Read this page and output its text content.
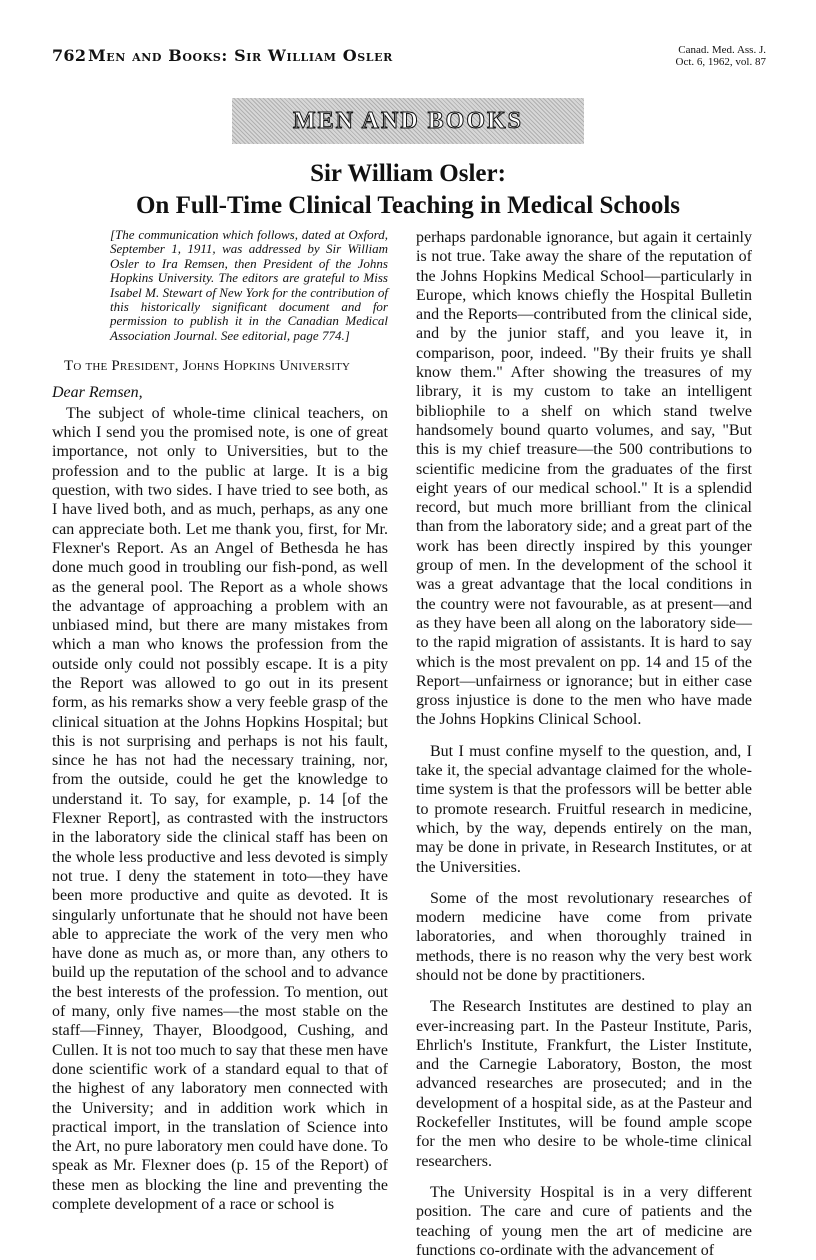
762 Men and Books: Sir William Osler	Canad. Med. Ass. J.
Oct. 6, 1962, vol. 87
MEN AND BOOKS
Sir William Osler:
On Full-Time Clinical Teaching in Medical Schools

[The communication which follows, dated at Oxford, September 1, 1911, was addressed by Sir William Osler to Ira Remsen, then President of the Johns Hopkins University. The editors are grateful to Miss Isabel M. Stewart of New York for the contribution of this historically significant document and for permission to publish it in the Canadian Medical Association Journal. See editorial, page 774.]

To the President, Johns Hopkins University

Dear Remsen,

The subject of whole-time clinical teachers, on which I send you the promised note, is one of great importance, not only to Universities, but to the profession and to the public at large. It is a big question, with two sides. I have tried to see both, as I have lived both, and as much, perhaps, as any one can appreciate both. Let me thank you, first, for Mr. Flexner's Report. As an Angel of Bethesda he has done much good in troubling our fish-pond, as well as the general pool. The Report as a whole shows the advantage of approaching a problem with an unbiased mind, but there are many mistakes from which a man who knows the profession from the outside only could not possibly escape. It is a pity the Report was allowed to go out in its present form, as his remarks show a very feeble grasp of the clinical situation at the Johns Hopkins Hospital; but this is not surprising and perhaps is not his fault, since he has not had the necessary training, nor, from the outside, could he get the knowledge to understand it. To say, for example, p. 14 [of the Flexner Report], as contrasted with the instructors in the laboratory side the clinical staff has been on the whole less productive and less devoted is simply not true. I deny the statement in toto—they have been more productive and quite as devoted. It is singularly unfortunate that he should not have been able to appreciate the work of the very men who have done as much as, or more than, any others to build up the reputation of the school and to advance the best interests of the profession. To mention, out of many, only five names—the most stable on the staff—Finney, Thayer, Bloodgood, Cushing, and Cullen. It is not too much to say that these men have done scientific work of a standard equal to that of the highest of any laboratory men connected with the University; and in addition work which in practical import, in the translation of Science into the Art, no pure laboratory men could have done. To speak as Mr. Flexner does (p. 15 of the Report) of these men as blocking the line and preventing the complete development of a race or school is

perhaps pardonable ignorance, but again it certainly is not true. Take away the share of the reputation of the Johns Hopkins Medical School—particularly in Europe, which knows chiefly the Hospital Bulletin and the Reports—contributed from the clinical side, and by the junior staff, and you leave it, in comparison, poor, indeed. "By their fruits ye shall know them." After showing the treasures of my library, it is my custom to take an intelligent bibliophile to a shelf on which stand twelve handsomely bound quarto volumes, and say, "But this is my chief treasure—the 500 contributions to scientific medicine from the graduates of the first eight years of our medical school." It is a splendid record, but much more brilliant from the clinical than from the laboratory side; and a great part of the work has been directly inspired by this younger group of men. In the development of the school it was a great advantage that the local conditions in the country were not favourable, as at present—and as they have been all along on the laboratory side—to the rapid migration of assistants. It is hard to say which is the most prevalent on pp. 14 and 15 of the Report—unfairness or ignorance; but in either case gross injustice is done to the men who have made the Johns Hopkins Clinical School.

But I must confine myself to the question, and, I take it, the special advantage claimed for the whole-time system is that the professors will be better able to promote research. Fruitful research in medicine, which, by the way, depends entirely on the man, may be done in private, in Research Institutes, or at the Universities.

Some of the most revolutionary researches of modern medicine have come from private laboratories, and when thoroughly trained in methods, there is no reason why the very best work should not be done by practitioners.

The Research Institutes are destined to play an ever-increasing part. In the Pasteur Institute, Paris, Ehrlich's Institute, Frankfurt, the Lister Institute, and the Carnegie Laboratory, Boston, the most advanced researches are prosecuted; and in the development of a hospital side, as at the Pasteur and Rockefeller Institutes, will be found ample scope for the men who desire to be whole-time clinical researchers.

The University Hospital is in a very different position. The care and cure of patients and the teaching of young men the art of medicine are functions co-ordinate with the advancement of
